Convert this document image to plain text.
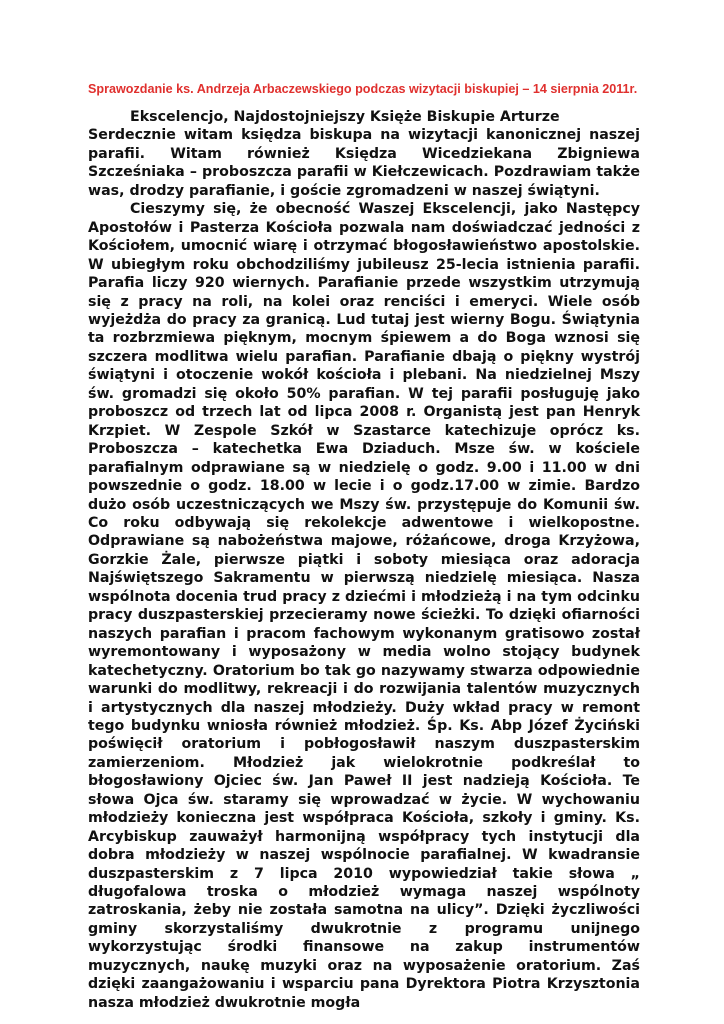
Sprawozdanie ks. Andrzeja Arbaczewskiego podczas wizytacji biskupiej – 14 sierpnia 2011r.

Ekscelencjo, Najdostojniejszy Księże Biskupie Arturze
Serdecznie witam księdza biskupa na wizytacji kanonicznej naszej parafii. Witam również Księdza Wicedziekana Zbigniewa Szcześniaka – proboszcza parafii w Kiełczewicach. Pozdrawiam także was, drodzy parafianie, i goście zgromadzeni w naszej świątyni.
Cieszymy się, że obecność Waszej Ekscelencji, jako Następcy Apostołów i Pasterza Kościoła pozwala nam doświadczać jedności z Kościołem, umocnić wiarę i otrzymać błogosławieństwo apostolskie. W ubiegłym roku obchodziliśmy jubileusz 25-lecia istnienia parafii. Parafia liczy 920 wiernych. Parafianie przede wszystkim utrzymują się z pracy na roli, na kolei oraz renciści i emeryci. Wiele osób wyjeżdża do pracy za granicą. Lud tutaj jest wierny Bogu. Świątynia ta rozbrzmiewa pięknym, mocnym śpiewem a do Boga wznosi się szczera modlitwa wielu parafian. Parafianie dbają o piękny wystrój świątyni i otoczenie wokół kościoła i plebani. Na niedzielnej Mszy św. gromadzi się około 50% parafian. W tej parafii posługuję jako proboszcz od trzech lat od lipca 2008 r. Organistą jest pan Henryk Krzpiet. W Zespole Szkół w Szastarce katechizuje oprócz ks. Proboszcza – katechetka Ewa Dziaduch. Msze św. w kościele parafialnym odprawiane są w niedzielę o godz. 9.00 i 11.00 w dni powszednie o godz. 18.00 w lecie i o godz.17.00 w zimie. Bardzo dużo osób uczestniczących we Mszy św. przystępuje do Komunii św. Co roku odbywają się rekolekcje adwentowe i wielkopostne. Odprawiane są nabożeństwa majowe, różańcowe, droga Krzyżowa, Gorzkie Żale, pierwsze piątki i soboty miesiąca oraz adoracja Najświętszego Sakramentu w pierwszą niedzielę miesiąca. Nasza wspólnota docenia trud pracy z dziećmi i młodzieżą i na tym odcinku pracy duszpasterskiej przecieramy nowe ścieżki. To dzięki ofiarności naszych parafian i pracom fachowym wykonanym gratisowo został wyremontowany i wyposażony w media wolno stojący budynek katechetyczny. Oratorium bo tak go nazywamy stwarza odpowiednie warunki do modlitwy, rekreacji i do rozwijania talentów muzycznych i artystycznych dla naszej młodzieży. Duży wkład pracy w remont tego budynku wniosła również młodzież. Śp. Ks. Abp Józef Życiński poświęcił oratorium i pobłogosławił naszym duszpasterskim zamierzeniom. Młodzież jak wielokrotnie podkreślał to błogosławiony Ojciec św. Jan Paweł II jest nadzieją Kościoła. Te słowa Ojca św. staramy się wprowadzać w życie. W wychowaniu młodzieży konieczna jest współpraca Kościoła, szkoły i gminy. Ks. Arcybiskup zauważył harmonijną współpracy tych instytucji dla dobra młodzieży w naszej wspólnocie parafialnej. W kwadransie duszpasterskim z 7 lipca 2010 wypowiedział takie słowa „ długofalowa troska o młodzież wymaga naszej wspólnoty zatroskania, żeby nie została samotna na ulicy”. Dzięki życzliwości gminy skorzystaliśmy dwukrotnie z programu unijnego wykorzystując środki finansowe na zakup instrumentów muzycznych, naukę muzyki oraz na wyposażenie oratorium. Zaś dzięki zaangażowaniu i wsparciu pana Dyrektora Piotra Krzysztonia nasza młodzież dwukrotnie mogła
